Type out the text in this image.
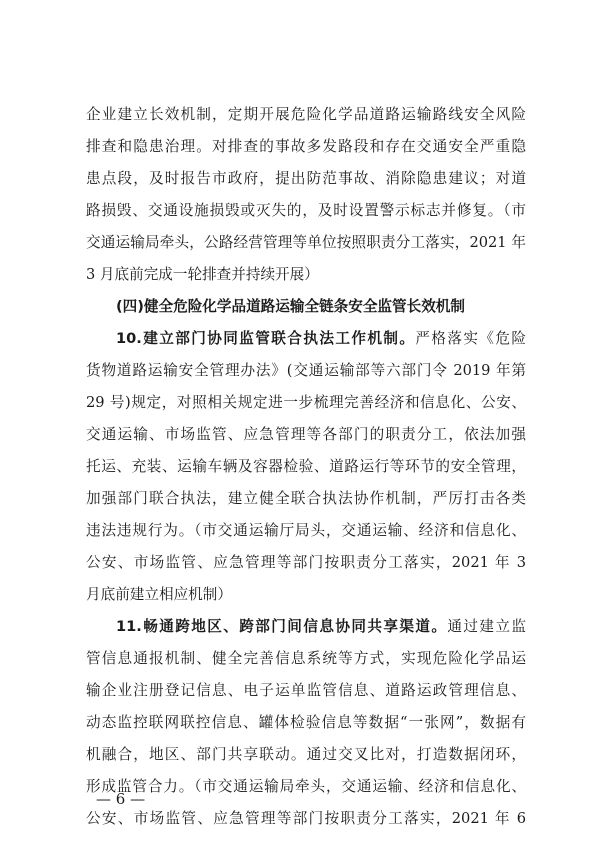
企业建立长效机制，定期开展危险化学品道路运输路线安全风险
排查和隐患治理。对排查的事故多发路段和存在交通安全严重隐
患点段，及时报告市政府，提出防范事故、消除隐患建议；对道
路损毁、交通设施损毁或灭失的，及时设置警示标志并修复。（市
交通运输局牵头，公路经营管理等单位按照职责分工落实，2021 年
3 月底前完成一轮排查并持续开展）
(四)健全危险化学品道路运输全链条安全监管长效机制
10.建立部门协同监管联合执法工作机制。严格落实《危险
货物道路运输安全管理办法》(交通运输部等六部门令 2019 年第
29 号)规定，对照相关规定进一步梳理完善经济和信息化、公安、
交通运输、市场监管、应急管理等各部门的职责分工，依法加强
托运、充装、运输车辆及容器检验、道路运行等环节的安全管理，
加强部门联合执法，建立健全联合执法协作机制，严厉打击各类
违法违规行为。（市交通运输厅局头，交通运输、经济和信息化、
公安、市场监管、应急管理等部门按职责分工落实，2021 年 3
月底前建立相应机制）
11.畅通跨地区、跨部门间信息协同共享渠道。通过建立监
管信息通报机制、健全完善信息系统等方式，实现危险化学品运
输企业注册登记信息、电子运单监管信息、道路运政管理信息、
动态监控联网联控信息、罐体检验信息等数据“一张网”，数据有
机融合，地区、部门共享联动。通过交叉比对，打造数据闭环，
形成监管合力。（市交通运输局牵头，交通运输、经济和信息化、
公安、市场监管、应急管理等部门按职责分工落实，2021 年 6
— 6 —
